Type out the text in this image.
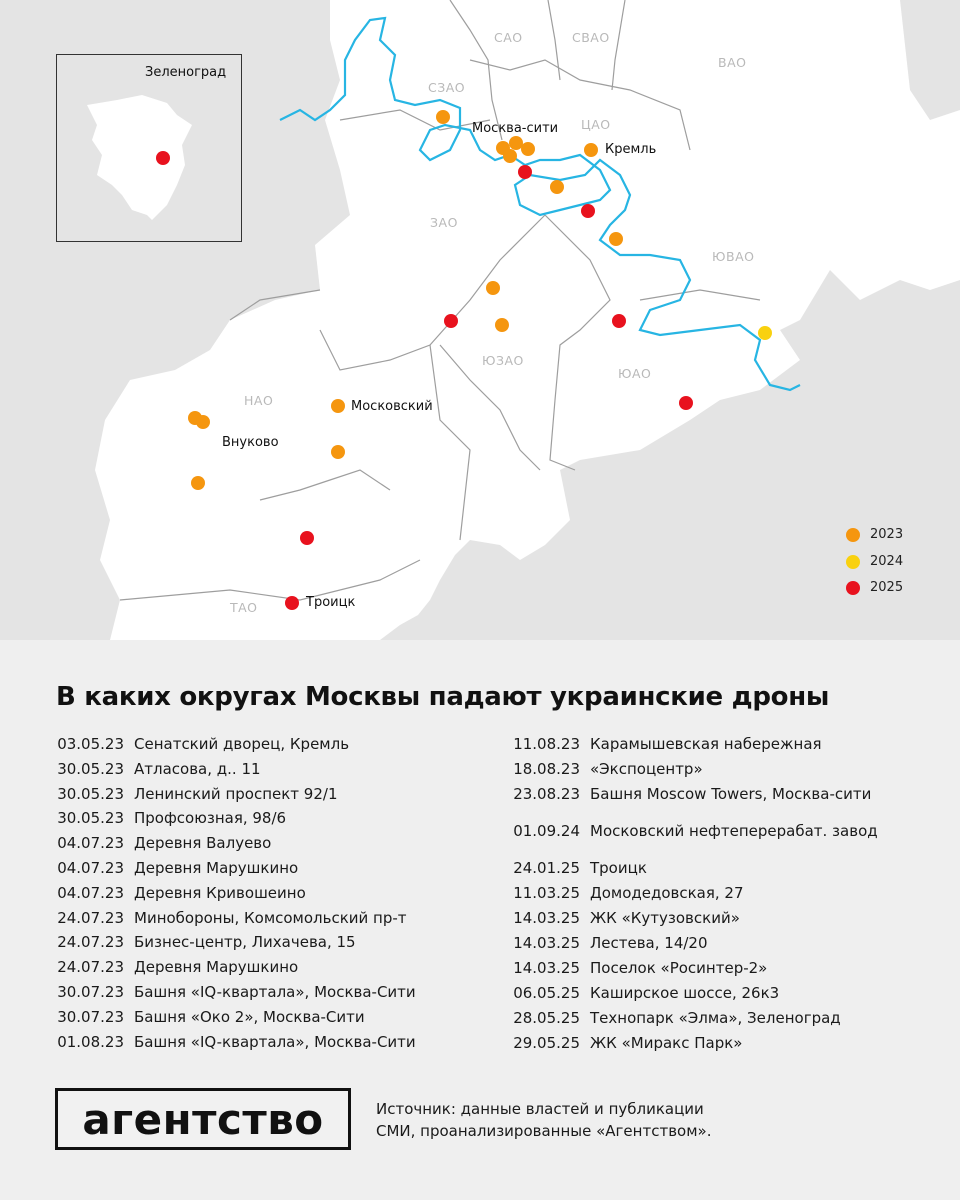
САО	СВАО
ВАО
СЗАО
ЦАО
ЗАО
ЮВАО
ЮЗАО
ЮАО
НАО
ТАО
Москва-сити
Кремль
Московский
Внуково
Троицк
Зеленоград
2023
2024
2025
В каких округах Москвы падают украинские дроны
03.05.23 Сенатский дворец, Кремль
30.05.23 Атласова, д.. 11
30.05.23 Ленинский проспект 92/1
30.05.23 Профсоюзная, 98/6
04.07.23 Деревня Валуево
04.07.23 Деревня Марушкино
04.07.23 Деревня Кривошеино
24.07.23 Минобороны, Комсомольский пр-т
24.07.23 Бизнес-центр, Лихачева, 15
24.07.23 Деревня Марушкино
30.07.23 Башня «IQ-квартала», Москва-Сити
30.07.23 Башня «Око 2», Москва-Сити
01.08.23 Башня «IQ-квартала», Москва-Сити
11.08.23 Карамышевская набережная
18.08.23 «Экспоцентр»
23.08.23 Башня Moscow Towers, Москва-сити
01.09.24 Московский нефтеперерабат. завод
24.01.25 Троицк
11.03.25 Домодедовская, 27
14.03.25 ЖК «Кутузовский»
14.03.25 Лестева, 14/20
14.03.25 Поселок «Росинтер-2»
06.05.25 Каширское шоссе, 26к3
28.05.25 Технопарк «Элма», Зеленоград
29.05.25 ЖК «Миракс Парк»
агентство	Источник: данные властей и публикации
СМИ, проанализированные «Агентством».
